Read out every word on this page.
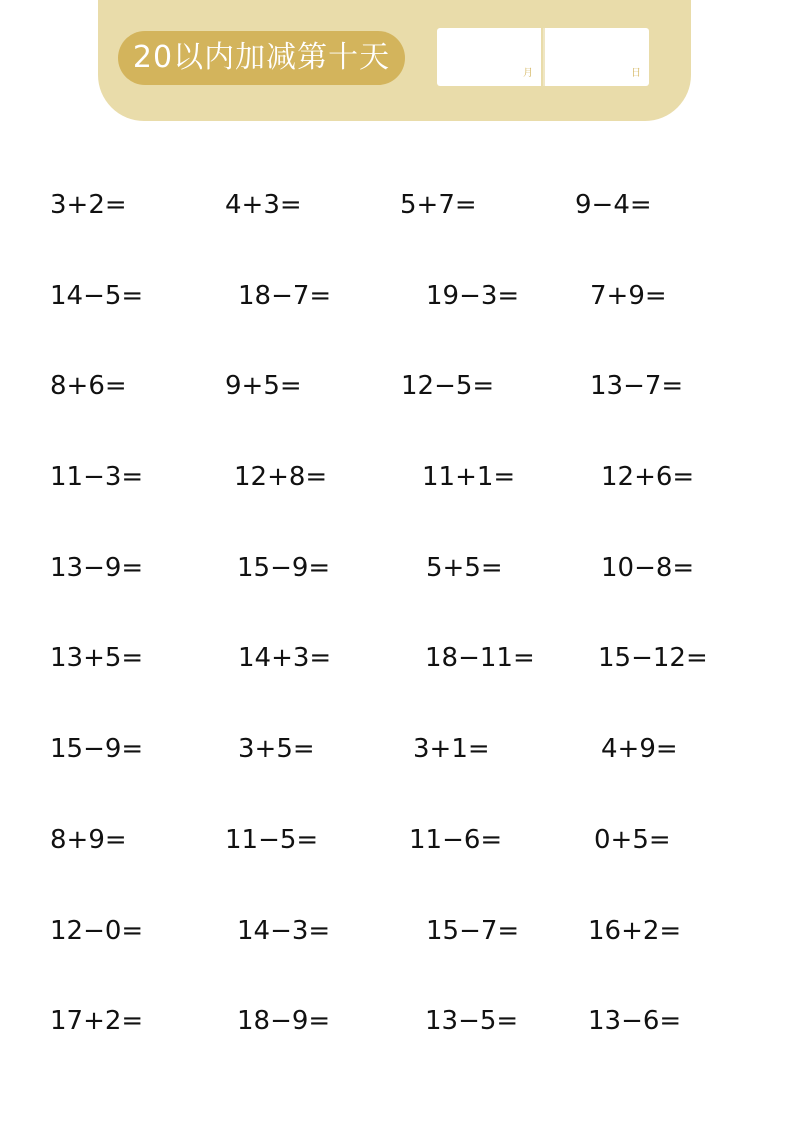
20以内加减第十天	月	日
3+2=	4+3=	5+7=	9−4=
14−5=	18−7=	19−3=	7+9=
8+6=	9+5=	12−5=	13−7=
11−3=	12+8=	11+1=	12+6=
13−9=	15−9=	5+5=	10−8=
13+5=	14+3=	18−11= 15−12=
15−9=	3+5=	3+1=	4+9=
8+9=	11−5=	11−6=	0+5=
12−0=	14−3=	15−7=	16+2=
17+2=	18−9=	13−5=	13−6=
